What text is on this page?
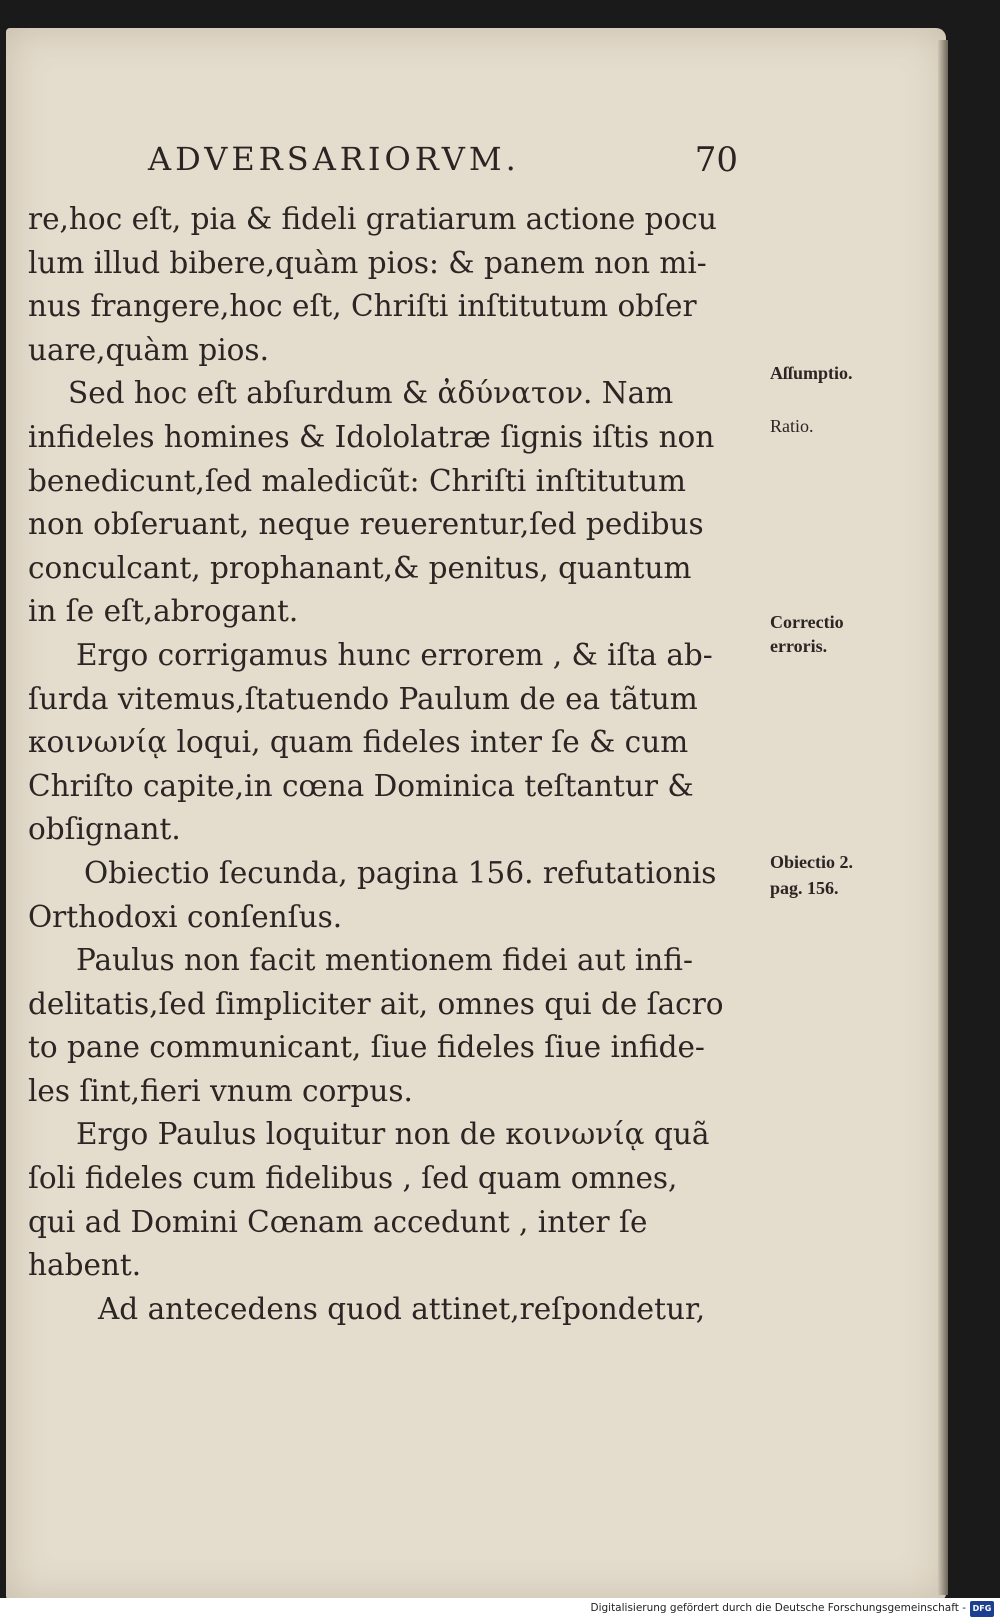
ADVERSARIORVM.	70
re,hoc eſt, pia & fideli gratiarum actione pocu
lum illud bibere,quàm pios: & panem non mi-
nus frangere,hoc eſt, Chriſti inſtitutum obſer
uare,quàm pios.
Sed hoc eſt abſurdum & ἀδύνατον. Nam
infideles homines & Idololatræ ſignis iſtis non
benedicunt,ſed maledicũt: Chriſti inſtitutum
non obſeruant, neque reuerentur,ſed pedibus
conculcant, prophanant,& penitus, quantum
in ſe eſt,abrogant.
Ergo corrigamus hunc errorem , & iſta ab-
ſurda vitemus,ſtatuendo Paulum de ea tãtum
κοινωνίᾳ loqui, quam fideles inter ſe & cum
Chriſto capite,in cœna Dominica teſtantur &
obſignant.
Obiectio ſecunda, pagina 156. refutationis
Orthodoxi conſenſus.
Paulus non facit mentionem fidei aut infi-
delitatis,ſed ſimpliciter ait, omnes qui de ſacro
to pane communicant, ſiue fideles ſiue infide-
les ſint,fieri vnum corpus.
Ergo Paulus loquitur non de κοινωνίᾳ quã
ſoli fideles cum fidelibus , ſed quam omnes,
qui ad Domini Cœnam accedunt , inter ſe
habent.
Ad antecedens quod attinet,reſpondetur,
Aſſumptio.
Ratio.
Correctio
erroris.
Obiectio 2.
pag. 156.
Digitalisierung gefördert durch die Deutsche Forschungsgemeinschaft - DFG
